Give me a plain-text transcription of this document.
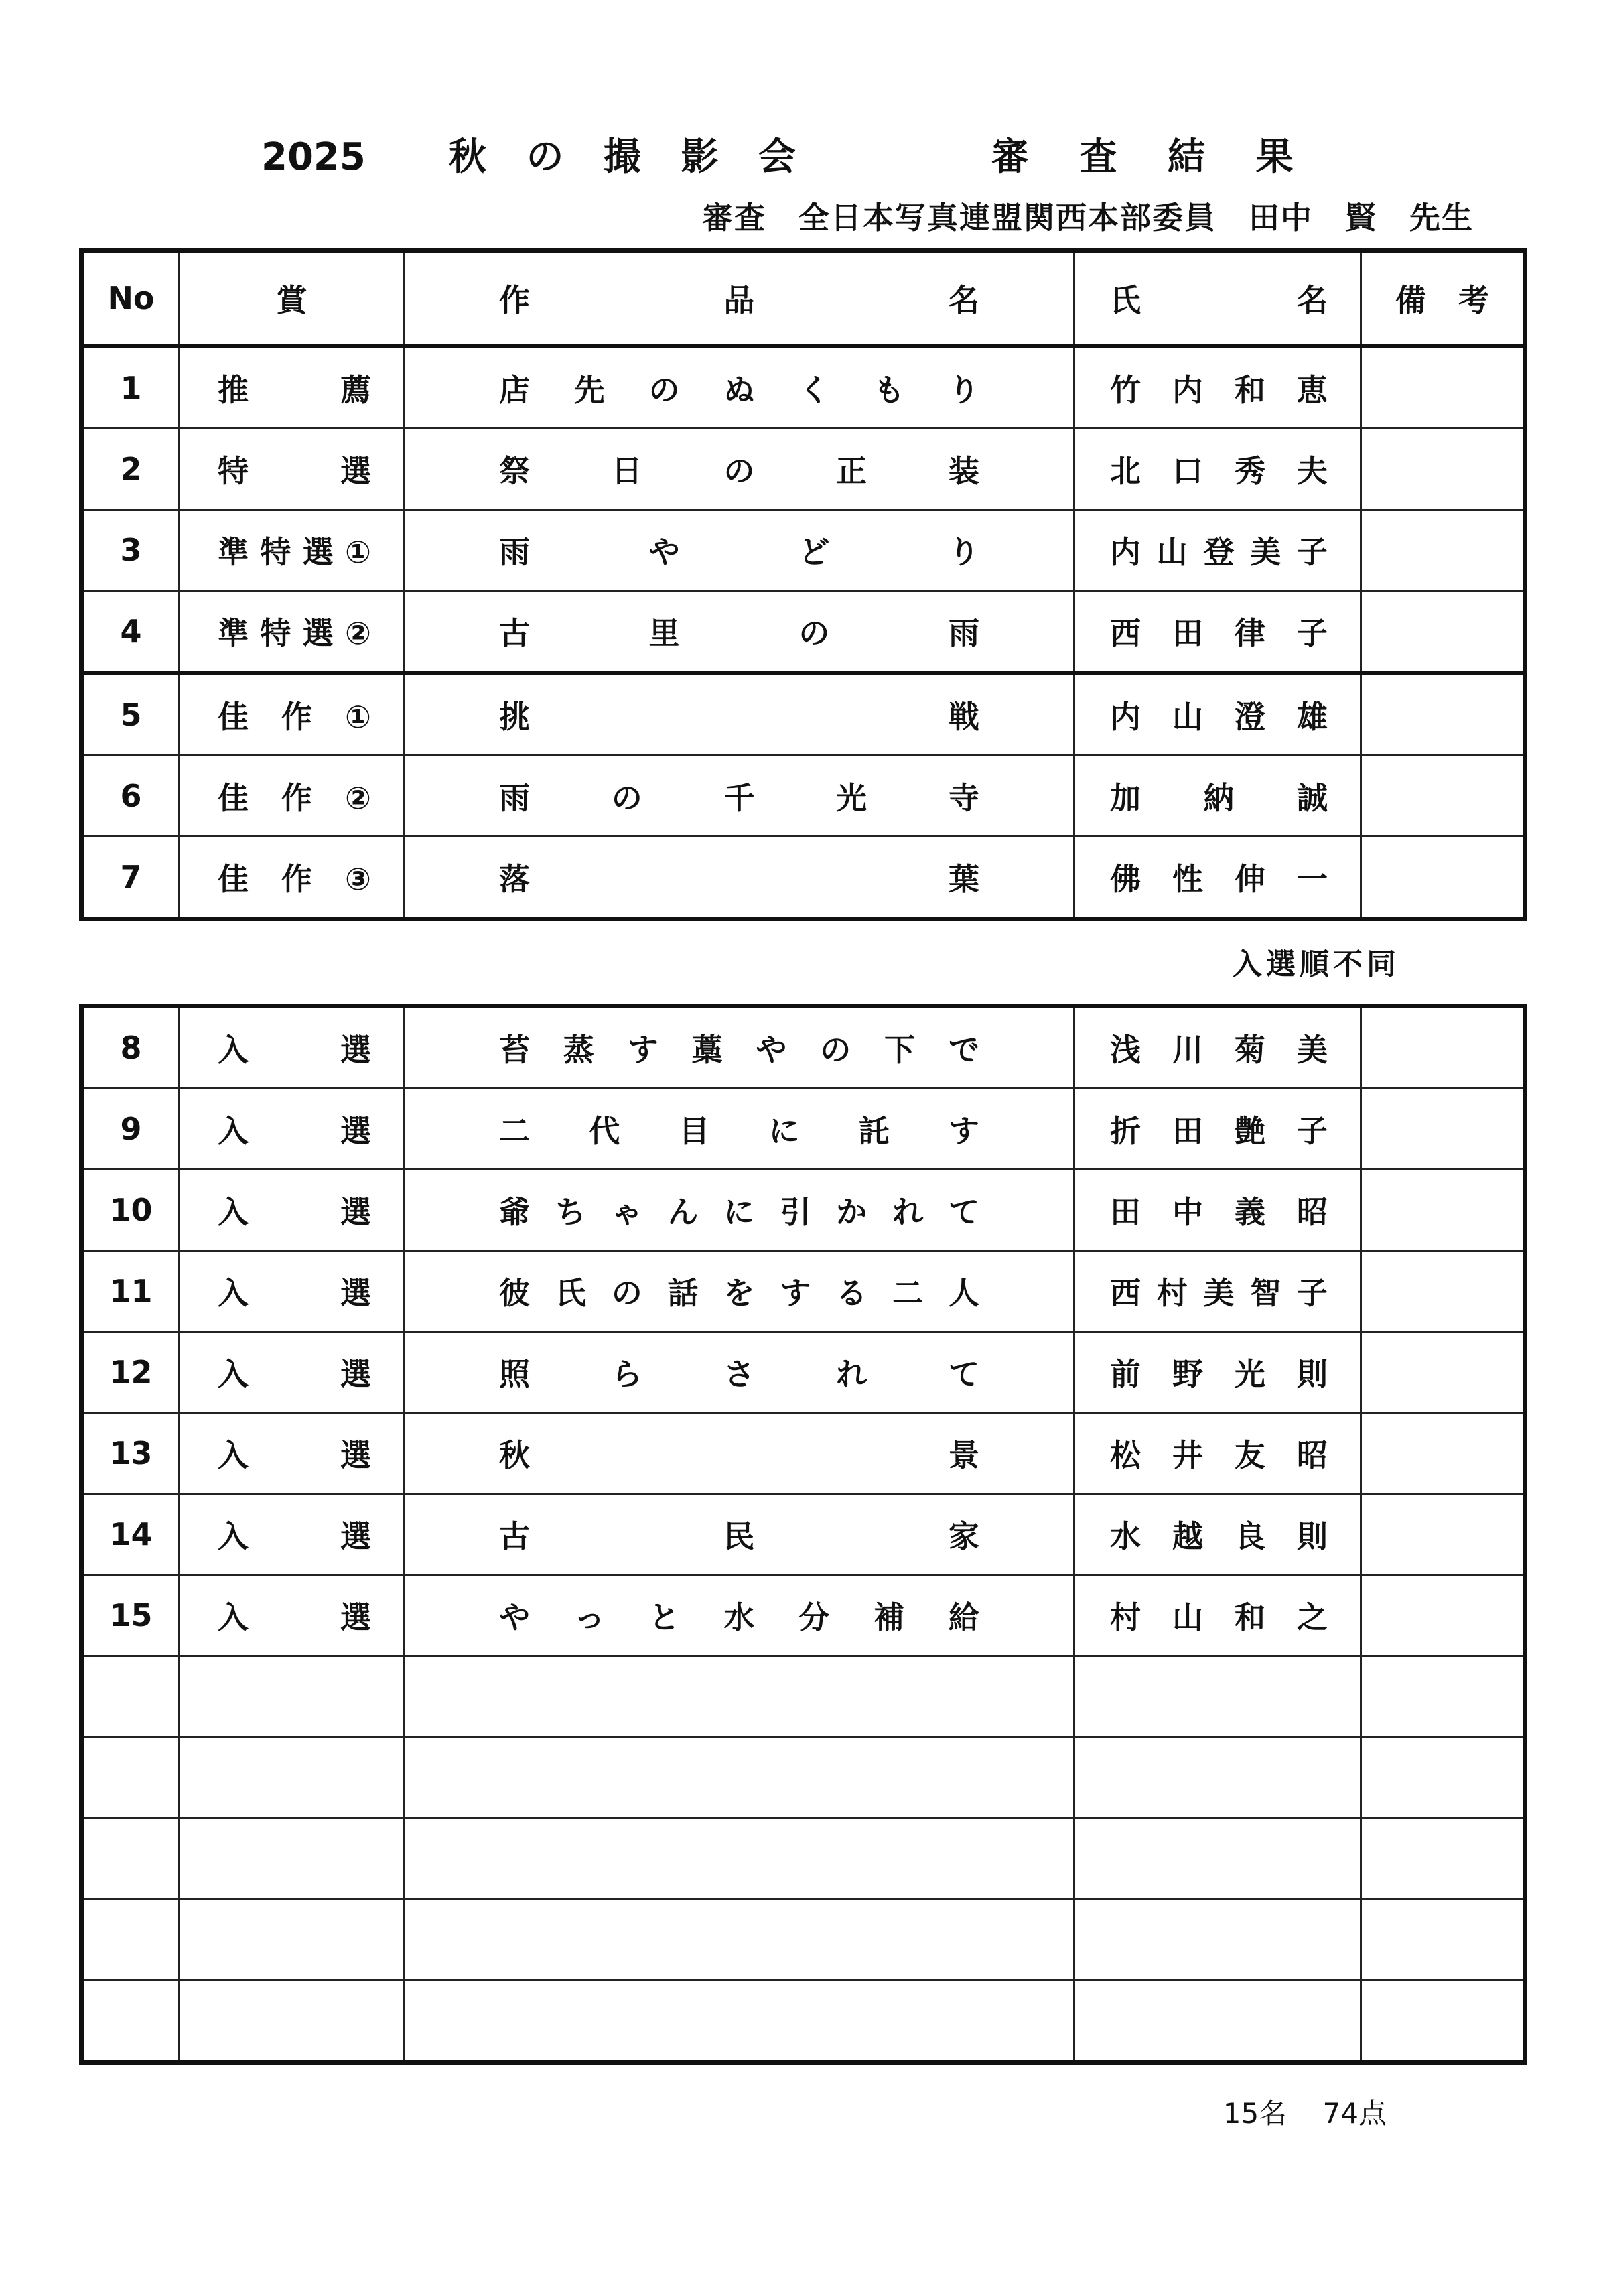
2025 秋 の 撮 影 会	審 査 結 果
審査　全日本写真連盟関西本部委員　田中　賢　先生
No	賞	作 品 名	氏 名	備 考

1	推 薦	店 先 の ぬ く も り	竹 内 和 恵	

2	特 選	祭 日 の 正 装	北 口 秀 夫	

3	準 特 選 ①	雨 や ど り	内 山 登 美 子	

4	準 特 選 ②	古 里 の 雨	西 田 律 子	

5	佳 作 ①	挑 戦	内 山 澄 雄	

6	佳 作 ②	雨 の 千 光 寺	加 納 誠	

7	佳 作 ③	落 葉	佛 性 伸 一	

入選順不同
8	入 選	苔 蒸 す 藁 や の 下 で	浅 川 菊 美	

9	入 選	二 代 目 に 託 す	折 田 艶 子	

10	入 選	爺 ち ゃ ん に 引 か れ て	田 中 義 昭	

11	入 選	彼 氏 の 話 を す る 二 人	西 村 美 智 子	

12	入 選	照 ら さ れ て	前 野 光 則	

13	入 選	秋 景	松 井 友 昭	

14	入 選	古 民 家	水 越 良 則	

15	入 選	や っ と 水 分 補 給	村 山 和 之	

15名 74点
